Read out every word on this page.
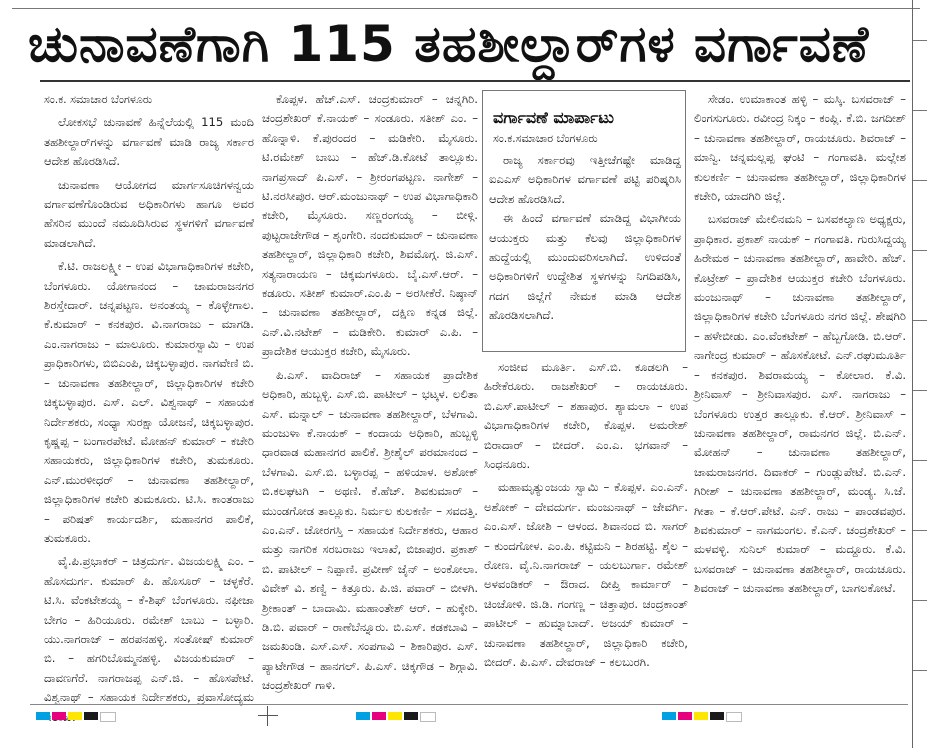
ಚುನಾವಣೆಗಾಗಿ 115 ತಹಶೀಲ್ದಾರ್‌ಗಳ ವರ್ಗಾವಣೆ

ಸಂ.ಕ. ಸಮಾಚಾರ ಬೆಂಗಳೂರು

ಲೋಕಸಭೆ ಚುನಾವಣೆ ಹಿನ್ನೆಲೆಯಲ್ಲಿ 115 ಮಂದಿ ತಹಶೀಲ್ದಾರ್‌ಗಳನ್ನು ವರ್ಗಾವಣೆ ಮಾಡಿ ರಾಜ್ಯ ಸರ್ಕಾರ ಆದೇಶ ಹೊರಡಿಸಿದೆ.

ಚುನಾವಣಾ ಆಯೋಗದ ಮಾರ್ಗಸೂಚಿಗಳನ್ವಯ ವರ್ಗಾವಣೆಗೊಂಡಿರುವ ಅಧಿಕಾರಿಗಳು ಹಾಗೂ ಅವರ ಹೆಸರಿನ ಮುಂದೆ ನಮೂದಿಸಿರುವ ಸ್ಥಳಗಳಿಗೆ ವರ್ಗಾವಣೆ ಮಾಡಲಾಗಿದೆ.

ಕೆ.ಟಿ. ರಾಜಲಕ್ಷ್ಮೀ – ಉಪ ವಿಭಾಗಾಧಿಕಾರಿಗಳ ಕಚೇರಿ, ಬೆಂಗಳೂರು. ಯೋಗಾನಂದ – ಚಾಮರಾಜನಗರ ಶಿರಸ್ತೇದಾರ್. ಚನ್ನಪಟ್ಟಣ. ಅನಂತಯ್ಯ – ಕೊಳ್ಳೇಗಾಲ. ಕೆ.ಕುಮಾರ್ – ಕನಕಪುರ. ವಿ.ನಾಗರಾಜು – ಮಾಗಡಿ. ಎಂ.ನಾಗರಾಜು – ಮಾಲೂರು. ಕುಮಾರಸ್ವಾಮಿ – ಉಪ ಪ್ರಾಧಿಕಾರಿಗಳು, ಬಿಬಿಎಂಪಿ, ಚಿಕ್ಕಬಳ್ಳಾಪುರ. ನಾಗವೇಣಿ ಬಿ. – ಚುನಾವಣಾ ತಹಶೀಲ್ದಾರ್, ಜಿಲ್ಲಾಧಿಕಾರಿಗಳ ಕಚೇರಿ ಚಿಕ್ಕಬಳ್ಳಾಪುರ. ಎಸ್. ಎಲ್. ವಿಶ್ವನಾಥ್ – ಸಹಾಯಕ ನಿರ್ದೇಶಕರು, ಸಂಧ್ಯಾ ಸುರಕ್ಷಾ ಯೋಜನೆ, ಚಿಕ್ಕಬಳ್ಳಾಪುರ. ಕೃಷ್ಣಪ್ಪ – ಬಂಗಾರಪೇಟೆ. ಮೋಹನ್ ಕುಮಾರ್ – ಕಚೇರಿ ಸಹಾಯಕರು, ಜಿಲ್ಲಾಧಿಕಾರಿಗಳ ಕಚೇರಿ, ತುಮಕೂರು. ಎನ್.ಮುರಳೀಧರ್ – ಚುನಾವಣಾ ತಹಶೀಲ್ದಾರ್, ಜಿಲ್ಲಾಧಿಕಾರಿಗಳ ಕಚೇರಿ ತುಮಕೂರು. ಟಿ.ಸಿ. ಕಾಂತರಾಜು – ಪರಿಷತ್ ಕಾರ್ಯದರ್ಶಿ, ಮಹಾನಗರ ಪಾಲಿಕೆ, ತುಮಕೂರು.

ವೈ.ಪಿ.ಪ್ರಭಾಕರ್ – ಚಿತ್ರದುರ್ಗ. ವಿಜಯಲಕ್ಷ್ಮಿ ಎಂ. – ಹೊಸದುರ್ಗ. ಕುಮಾರ್ ಪಿ. ಹೊಸೂರ್ – ಚಳ್ಳಕೆರೆ. ಟಿ.ಸಿ. ವೆಂಕಟೇಶಯ್ಯ – ಕೆ-ಶಿಫ್ ಬೆಂಗಳೂರು. ನಫೀಜಾ ಬೇಗಂ – ಹಿರಿಯೂರು. ರಮೇಶ್ ಬಾಬು – ಬಳ್ಳಾರಿ. ಯು.ನಾಗರಾಜ್ – ಹರಪನಹಳ್ಳಿ. ಸಂತೋಷ್ ಕುಮಾರ್ ಬಿ. – ಹಗರಿಬೊಮ್ಮನಹಳ್ಳಿ. ವಿಜಯಕುಮಾರ್ – ದಾವಣಗೆರೆ. ನಾಗರಾಜಪ್ಪ ಎನ್.ಜಿ. – ಹೊಸಪೇಟೆ. ವಿಶ್ವನಾಥ್ – ಸಹಾಯಕ ನಿರ್ದೇಶಕರು, ಪ್ರವಾಸೋದ್ಯಮ

ಕೊಪ್ಪಳ. ಹೆಚ್.ಎಸ್. ಚಂದ್ರಕುಮಾರ್ – ಚನ್ನಗಿರಿ. ಚಂದ್ರಶೇಖರ್ ಕೆ.ನಾಯಕ್ – ಸಂಡೂರು. ಸತೀಶ್ ಎಂ. – ಹೊನ್ನಾಳಿ. ಕೆ.ಪುರಂದರ – ಮಡಿಕೇರಿ. ಮೈಸೂರು. ಟಿ.ರಮೇಶ್ ಬಾಬು – ಹೆಚ್.ಡಿ.ಕೋಟೆ ತಾಲ್ಲೂಕು. ನಾಗಪ್ರಸಾದ್ ಪಿ.ಎಸ್. – ಶ್ರೀರಂಗಪಟ್ಟಣ. ನಾಗೇಶ್ – ಟಿ.ನರಸೀಪುರ. ಆರ್.ಮಂಜುನಾಥ್ – ಉಪ ವಿಭಾಗಾಧಿಕಾರಿ ಕಚೇರಿ, ಮೈಸೂರು. ಸಣ್ಣರಂಗಯ್ಯ – ಬೀಳ್ಗಿ. ಪುಟ್ಟರಾಜೇಗೌಡ – ಶೃಂಗೇರಿ. ನಂದಕುಮಾರ್ – ಚುನಾವಣಾ ತಹಶೀಲ್ದಾರ್, ಜಿಲ್ಲಾಧಿಕಾರಿ ಕಚೇರಿ, ಶಿವಮೊಗ್ಗ. ಜಿ.ಎಸ್. ಸತ್ಯನಾರಾಯಣ – ಚಿಕ್ಕಮಗಳೂರು. ಬೈ.ಎಸ್.ಆರ್. – ಕಡೂರು. ಸತೀಶ್ ಕುಮಾರ್.ಎಂ.ಪಿ – ಅರಸೀಕೆರೆ. ನಿಷ್ಠಾನ್ – ಚುನಾವಣಾ ತಹಶೀಲ್ದಾರ್, ದಕ್ಷಿಣ ಕನ್ನಡ ಜಿಲ್ಲೆ. ಎನ್.ವಿ.ನಟೇಶ್ – ಮಡಿಕೇರಿ. ಕುಮಾರ್ ಎ.ಪಿ. – ಪ್ರಾದೇಶಿಕ ಆಯುಕ್ತರ ಕಚೇರಿ, ಮೈಸೂರು.

ಪಿ.ಎಸ್. ವಾದಿರಾಜ್ – ಸಹಾಯಕ ಪ್ರಾದೇಶಿಕ ಅಧಿಕಾರಿ, ಹುಬ್ಬಳ್ಳಿ. ಎಸ್.ಬಿ. ಪಾಟೀಲ್ – ಭಟ್ಕಳ. ಲಲಿತಾ ಎಸ್. ಮನ್ನಾಲ್ – ಚುನಾವಣಾ ತಹಶೀಲ್ದಾರ್, ಬೆಳಗಾವಿ. ಮಂಜುಳಾ ಕೆ.ನಾಯಕ್ – ಕಂದಾಯ ಅಧಿಕಾರಿ, ಹುಬ್ಬಳ್ಳಿ ಧಾರವಾಡ ಮಹಾನಗರ ಪಾಲಿಕೆ. ಶ್ರೀಶೈಲ್ ಪರಮಾನಂದ – ಬೆಳಗಾವಿ. ಎಸ್.ಬಿ. ಬಳ್ಳಾರಪ್ಪ – ಹಳಿಯಾಳ. ಅಶೋಕ್ ಬಿ.ಕಲಘಟಗಿ – ಅಥಣಿ. ಕೆ.ಹೆಚ್. ಶಿವಕುಮಾರ್ – ಮುಂಡಗೋಡ ತಾಲ್ಲೂಕು. ನಿರ್ಮಲ ಕುಲಕರ್ಣಿ – ಸವದತ್ತಿ. ಎಂ.ಎನ್. ಚೋರಗಸ್ತಿ – ಸಹಾಯಕ ನಿರ್ದೇಶಕರು, ಆಹಾರ ಮತ್ತು ನಾಗರಿಕ ಸರಬರಾಜು ಇಲಾಖೆ, ಬಿಜಾಪುರ. ಪ್ರಕಾಶ್ ಬಿ. ಪಾಟೀಲ್ – ನಿಪ್ಪಾಣಿ. ಪ್ರವೀಣ್ ಜೈನ್ – ಅಂಕೋಲಾ. ವಿವೇಕ್ ವಿ. ಶಣ್ವಿ – ಕಿತ್ತೂರು. ಪಿ.ಜಿ. ಪವಾರ್ – ಬೀಳಗಿ. ಶ್ರೀಕಾಂತ್ – ಬಾದಾಮಿ. ಮಹಾಂತೇಶ್ ಆರ್. – ಹುಕ್ಕೇರಿ. ಡಿ.ಬಿ. ಪವಾರ್ – ರಾಣೆಬೆನ್ನೂರು. ಬಿ.ಎಸ್. ಕಡಕಬಾವಿ – ಜಮಖಂಡಿ. ಎಸ್.ಎಸ್. ಸಂಪಗಾವಿ – ಶಿಕಾರಿಪುರ. ಎಸ್. ಪ್ಯಾಟೇಗೌಡ – ಹಾನಗಲ್. ಪಿ.ಎಸ್. ಚಿಕ್ಕಗೌಡ – ಶಿಗ್ಗಾವಿ. ಚಂದ್ರಶೇಖರ್ ಗಾಳಿ.

ವರ್ಗಾವಣೆ ಮಾರ್ಪಾಟು
ಸಂ.ಕ.ಸಮಾಚಾರ ಬೆಂಗಳೂರು

ರಾಜ್ಯ ಸರ್ಕಾರವು ಇತ್ತೀಚೆಗಷ್ಟೇ ಮಾಡಿದ್ದ ಐಎಎಸ್ ಅಧಿಕಾರಿಗಳ ವರ್ಗಾವಣೆ ಪಟ್ಟಿ ಪರಿಷ್ಕರಿಸಿ ಆದೇಶ ಹೊರಡಿಸಿದೆ.

ಈ ಹಿಂದೆ ವರ್ಗಾವಣೆ ಮಾಡಿದ್ದ ವಿಭಾಗೀಯ ಆಯುಕ್ತರು ಮತ್ತು ಕೆಲವು ಜಿಲ್ಲಾಧಿಕಾರಿಗಳ ಹುದ್ದೆಯಲ್ಲಿ ಮುಂದುವರಿಸಲಾಗಿದೆ. ಉಳಿದಂತೆ ಅಧಿಕಾರಿಗಳಿಗೆ ಉದ್ದೇಶಿತ ಸ್ಥಳಗಳನ್ನು ನಿಗದಿಪಡಿಸಿ, ಗದಗ ಜಿಲ್ಲೆಗೆ ನೇಮಕ ಮಾಡಿ ಆದೇಶ ಹೊರಡಿಸಲಾಗಿದೆ.

ಸಂಜೀವ ಮೂರ್ತಿ. ಎಸ್.ಬಿ. ಕೂಡಲಗಿ – ಹಿರೇಕೆರೂರು. ರಾಜಶೇಖರ್ – ರಾಯಚೂರು. ಬಿ.ಎಸ್.ಪಾಟೀಲ್ – ಶಹಾಪುರ. ಶ್ಯಾಮಲಾ – ಉಪ ವಿಭಾಗಾಧಿಕಾರಿಗಳ ಕಚೇರಿ, ಕೊಪ್ಪಳ. ಅಮರೇಶ್ ಬಿರಾದಾರ್ – ಬೀದರ್. ಎಂ.ಎ. ಭಗವಾನ್ – ಸಿಂಧನೂರು.

ಮಹಾಮೃತ್ಯುಂಜಯ ಸ್ವಾಮಿ – ಕೊಪ್ಪಳ. ಎಂ.ಎನ್. ಅಶೋಕ್ – ದೇವದುರ್ಗ. ಮಂಜುನಾಥ್ – ಜೇವರ್ಗಿ. ಎಂ.ಎಸ್. ಜೋಶಿ – ಆಳಂದ. ಶಿವಾನಂದ ಬಿ. ಸಾಗರ್ – ಕುಂದಗೋಳ. ಎಂ.ಪಿ. ಕಟ್ಟಿಮನಿ – ಶಿರಹಟ್ಟಿ. ಶೈಲ – ರೋಣ. ವೈ.ನಿ.ನಾಗರಾಜ್ – ಯಲಬುರ್ಗಾ. ರಮೇಶ್ ಅಳವಂಡಿಕರ್ – ಔರಾದ. ದೀಪ್ತಿ ಕಾರ್ಮಾರ್ – ಚಿಂಚೋಳಿ. ಜಿ.ಡಿ. ಗಂಗಣ್ಣ – ಚಿತ್ತಾಪುರ. ಚಂದ್ರಕಾಂತ್ ಪಾಟೀಲ್ – ಹುಮ್ನಾಬಾದ್. ಅಜಯ್ ಕುಮಾರ್ – ಚುನಾವಣಾ ತಹಶೀಲ್ದಾರ್, ಜಿಲ್ಲಾಧಿಕಾರಿ ಕಚೇರಿ, ಬೀದರ್. ಪಿ.ಎಸ್. ದೇವರಾಜ್ – ಕಲಬುರಗಿ.

ಸೇಡಂ. ಉಮಾಕಾಂತ ಹಳ್ಳಿ – ಮಸ್ಕಿ. ಬಸವರಾಜ್ – ಲಿಂಗಸುಗೂರು. ರವೀಂದ್ರ ನಿಕ್ಕಂ – ಕಂಪ್ಲಿ. ಕೆ.ಬಿ. ಜಗದೀಶ್ – ಚುನಾವಣಾ ತಹಶೀಲ್ದಾರ್, ರಾಯಚೂರು. ಶಿವರಾಜ್ – ಮಾನ್ವಿ. ಚನ್ನಮಲ್ಲಪ್ಪ ಘಂಟಿ – ಗಂಗಾವತಿ. ಮಲ್ಲೇಶ ಕುಲಕರ್ಣಿ – ಚುನಾವಣಾ ತಹಶೀಲ್ದಾರ್, ಜಿಲ್ಲಾಧಿಕಾರಿಗಳ ಕಚೇರಿ, ಯಾದಗಿರಿ ಜಿಲ್ಲೆ.

ಬಸವರಾಜ್ ಮೇಲಿನಮನಿ – ಬಸವಕಲ್ಯಾಣ ಅಧ್ಯಕ್ಷರು, ಪ್ರಾಧಿಕಾರ. ಪ್ರಕಾಶ್ ನಾಯಕ್ – ಗಂಗಾವತಿ. ಗುರುಸಿದ್ದಯ್ಯ ಹಿರೇಮಠ – ಚುನಾವಣಾ ತಹಶೀಲ್ದಾರ್, ಹಾವೇರಿ. ಹೆಚ್. ಕೊಟ್ರೇಶ್ – ಪ್ರಾದೇಶಿಕ ಆಯುಕ್ತರ ಕಚೇರಿ ಬೆಂಗಳೂರು. ಮಂಜುನಾಥ್ – ಚುನಾವಣಾ ತಹಶೀಲ್ದಾರ್, ಜಿಲ್ಲಾಧಿಕಾರಿಗಳ ಕಚೇರಿ ಬೆಂಗಳೂರು ನಗರ ಜಿಲ್ಲೆ. ಶೇಷಗಿರಿ – ಹಳೇಬೀಡು. ಎಂ.ವೆಂಕಟೇಶ್ – ಹೆಬ್ಬಗೋಡಿ. ಬಿ.ಆರ್. ನಾಗೇಂದ್ರ ಕುಮಾರ್ – ಹೊಸಕೋಟೆ. ಎನ್.ರಘುಮೂರ್ತಿ – ಕನಕಪುರ. ಶಿವರಾಮಯ್ಯ – ಕೋಲಾರ. ಕೆ.ವಿ. ಶ್ರೀನಿವಾಸ್ – ಶ್ರೀನಿವಾಸಪುರ. ಎಸ್. ನಾಗರಾಜು – ಬೆಂಗಳೂರು ಉತ್ತರ ತಾಲ್ಲೂಕು. ಕೆ.ಆರ್. ಶ್ರೀನಿವಾಸ್ – ಚುನಾವಣಾ ತಹಶೀಲ್ದಾರ್, ರಾಮನಗರ ಜಿಲ್ಲೆ. ಬಿ.ಎನ್. ಮೋಹನ್ – ಚುನಾವಣಾ ತಹಶೀಲ್ದಾರ್, ಚಾಮರಾಜನಗರ. ದಿವಾಕರ್ – ಗುಂಡ್ಲುಪೇಟೆ. ಬಿ.ಎನ್. ಗಿರೀಶ್ – ಚುನಾವಣಾ ತಹಶೀಲ್ದಾರ್, ಮಂಡ್ಯ. ಸಿ.ಜೆ. ಗೀತಾ – ಕೆ.ಆರ್.ಪೇಟೆ. ಎನ್. ರಾಜು – ಪಾಂಡವಪುರ. ಶಿವಕುಮಾರ್ – ನಾಗಮಂಗಲ. ಕೆ.ಎನ್. ಚಂದ್ರಶೇಖರ್ – ಮಳವಳ್ಳಿ. ಸುನಿಲ್ ಕುಮಾರ್ – ಮದ್ದೂರು. ಕೆ.ವಿ. ಬಸವರಾಜ್ – ಚುನಾವಣಾ ತಹಶೀಲ್ದಾರ್, ರಾಯಚೂರು. ಶಿವರಾಜ್ – ಚುನಾವಣಾ ತಹಶೀಲ್ದಾರ್, ಬಾಗಲಕೋಟೆ.
